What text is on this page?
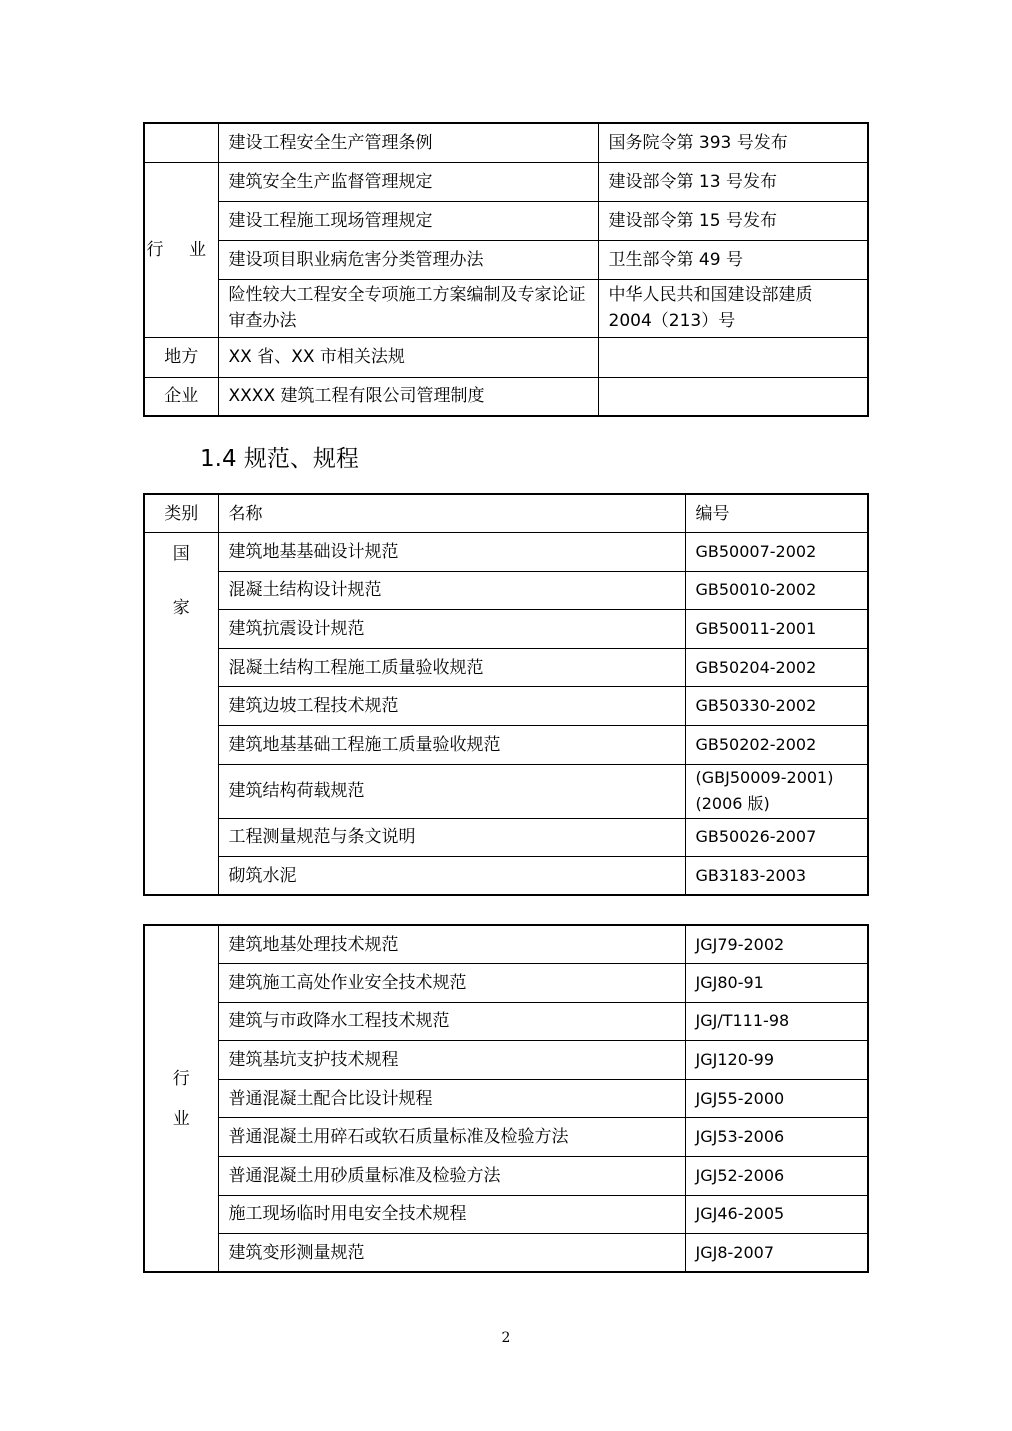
	建设工程安全生产管理条例	国务院令第 393 号发布
行 业	建筑安全生产监督管理规定	建设部令第 13 号发布
	建设工程施工现场管理规定	建设部令第 15 号发布
	建设项目职业病危害分类管理办法	卫生部令第 49 号
	险性较大工程安全专项施工方案编制及专家论证审查办法	中华人民共和国建设部建质 2004（213）号
地方	XX 省、XX 市相关法规	
企业	XXXX 建筑工程有限公司管理制度	
1.4 规范、规程
类别	名称	编号

国
家	建筑地基基础设计规范	GB50007-2002
	混凝土结构设计规范	GB50010-2002
	建筑抗震设计规范	GB50011-2001
	混凝土结构工程施工质量验收规范	GB50204-2002
	建筑边坡工程技术规范	GB50330-2002
	建筑地基基础工程施工质量验收规范	GB50202-2002
	建筑结构荷载规范	(GBJ50009-2001)(2006 版)
	工程测量规范与条文说明	GB50026-2007
	砌筑水泥	GB3183-2003
行
业	建筑地基处理技术规范	JGJ79-2002
	建筑施工高处作业安全技术规范	JGJ80-91
	建筑与市政降水工程技术规范	JGJ/T111-98
	建筑基坑支护技术规程	JGJ120-99
	普通混凝土配合比设计规程	JGJ55-2000
	普通混凝土用碎石或软石质量标准及检验方法	JGJ53-2006
	普通混凝土用砂质量标准及检验方法	JGJ52-2006
	施工现场临时用电安全技术规程	JGJ46-2005
	建筑变形测量规范	JGJ8-2007
2
